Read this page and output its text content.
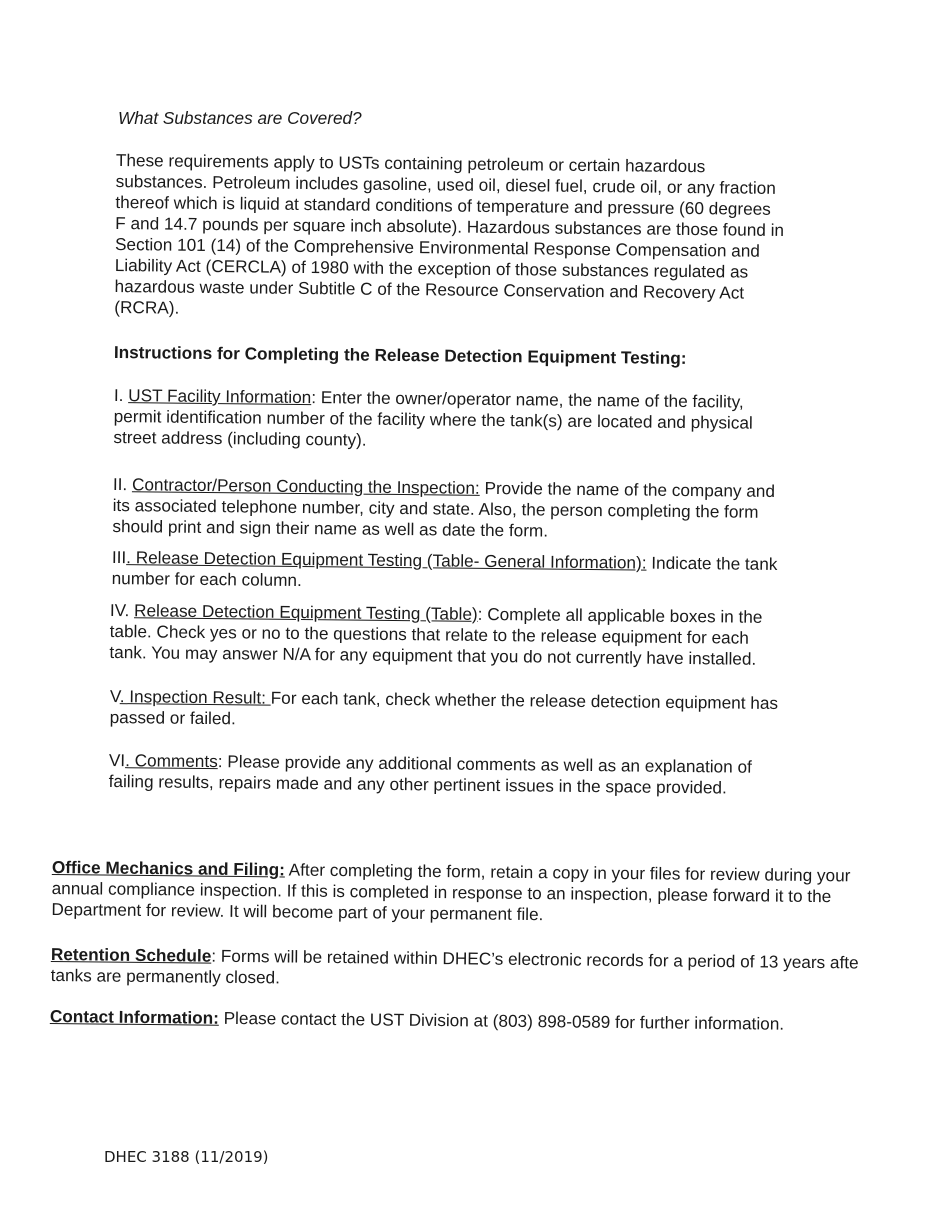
What Substances are Covered?
These requirements apply to USTs containing petroleum or certain hazardous
substances. Petroleum includes gasoline, used oil, diesel fuel, crude oil, or any fraction
thereof which is liquid at standard conditions of temperature and pressure (60 degrees
F and 14.7 pounds per square inch absolute). Hazardous substances are those found in
Section 101 (14) of the Comprehensive Environmental Response Compensation and
Liability Act (CERCLA) of 1980 with the exception of those substances regulated as
hazardous waste under Subtitle C of the Resource Conservation and Recovery Act
(RCRA).
Instructions for Completing the Release Detection Equipment Testing:
I. UST Facility Information: Enter the owner/operator name, the name of the facility,
permit identification number of the facility where the tank(s) are located and physical
street address (including county).
II. Contractor/Person Conducting the Inspection: Provide the name of the company and
its associated telephone number, city and state. Also, the person completing the form
should print and sign their name as well as date the form.
III. Release Detection Equipment Testing (Table- General Information): Indicate the tank
number for each column.
IV. Release Detection Equipment Testing (Table): Complete all applicable boxes in the
table. Check yes or no to the questions that relate to the release equipment for each
tank. You may answer N/A for any equipment that you do not currently have installed.
V. Inspection Result: For each tank, check whether the release detection equipment has
passed or failed.
VI. Comments: Please provide any additional comments as well as an explanation of
failing results, repairs made and any other pertinent issues in the space provided.
Office Mechanics and Filing: After completing the form, retain a copy in your files for review during your
annual compliance inspection. If this is completed in response to an inspection, please forward it to the
Department for review. It will become part of your permanent file.
Retention Schedule: Forms will be retained within DHEC’s electronic records for a period of 13 years afte
tanks are permanently closed.
Contact Information: Please contact the UST Division at (803) 898-0589 for further information.
DHEC 3188 (11/2019)
